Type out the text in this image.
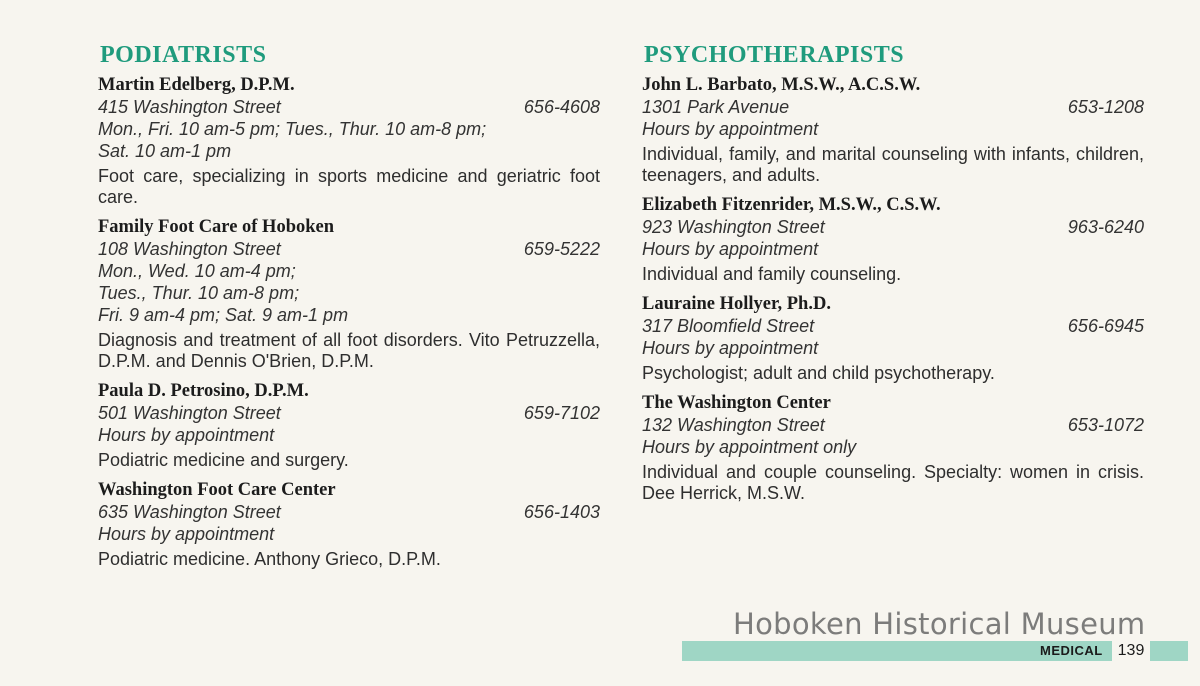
PODIATRISTS
Martin Edelberg, D.P.M.
415 Washington Street	656-4608
Mon., Fri. 10 am-5 pm; Tues., Thur. 10 am-8 pm;
Sat. 10 am-1 pm
Foot care, specializing in sports medicine and geriatric foot care.
Family Foot Care of Hoboken
108 Washington Street	659-5222
Mon., Wed. 10 am-4 pm;
Tues., Thur. 10 am-8 pm;
Fri. 9 am-4 pm; Sat. 9 am-1 pm
Diagnosis and treatment of all foot disorders. Vito Petruzzella, D.P.M. and Dennis O'Brien, D.P.M.
Paula D. Petrosino, D.P.M.
501 Washington Street	659-7102
Hours by appointment
Podiatric medicine and surgery.
Washington Foot Care Center
635 Washington Street	656-1403
Hours by appointment
Podiatric medicine. Anthony Grieco, D.P.M.
PSYCHOTHERAPISTS
John L. Barbato, M.S.W., A.C.S.W.
1301 Park Avenue	653-1208
Hours by appointment
Individual, family, and marital counseling with infants, children, teenagers, and adults.
Elizabeth Fitzenrider, M.S.W., C.S.W.
923 Washington Street	963-6240
Hours by appointment
Individual and family counseling.
Lauraine Hollyer, Ph.D.
317 Bloomfield Street	656-6945
Hours by appointment
Psychologist; adult and child psychotherapy.
The Washington Center
132 Washington Street	653-1072
Hours by appointment only
Individual and couple counseling. Specialty: women in crisis. Dee Herrick, M.S.W.
MEDICAL 139
Hoboken Historical Museum
